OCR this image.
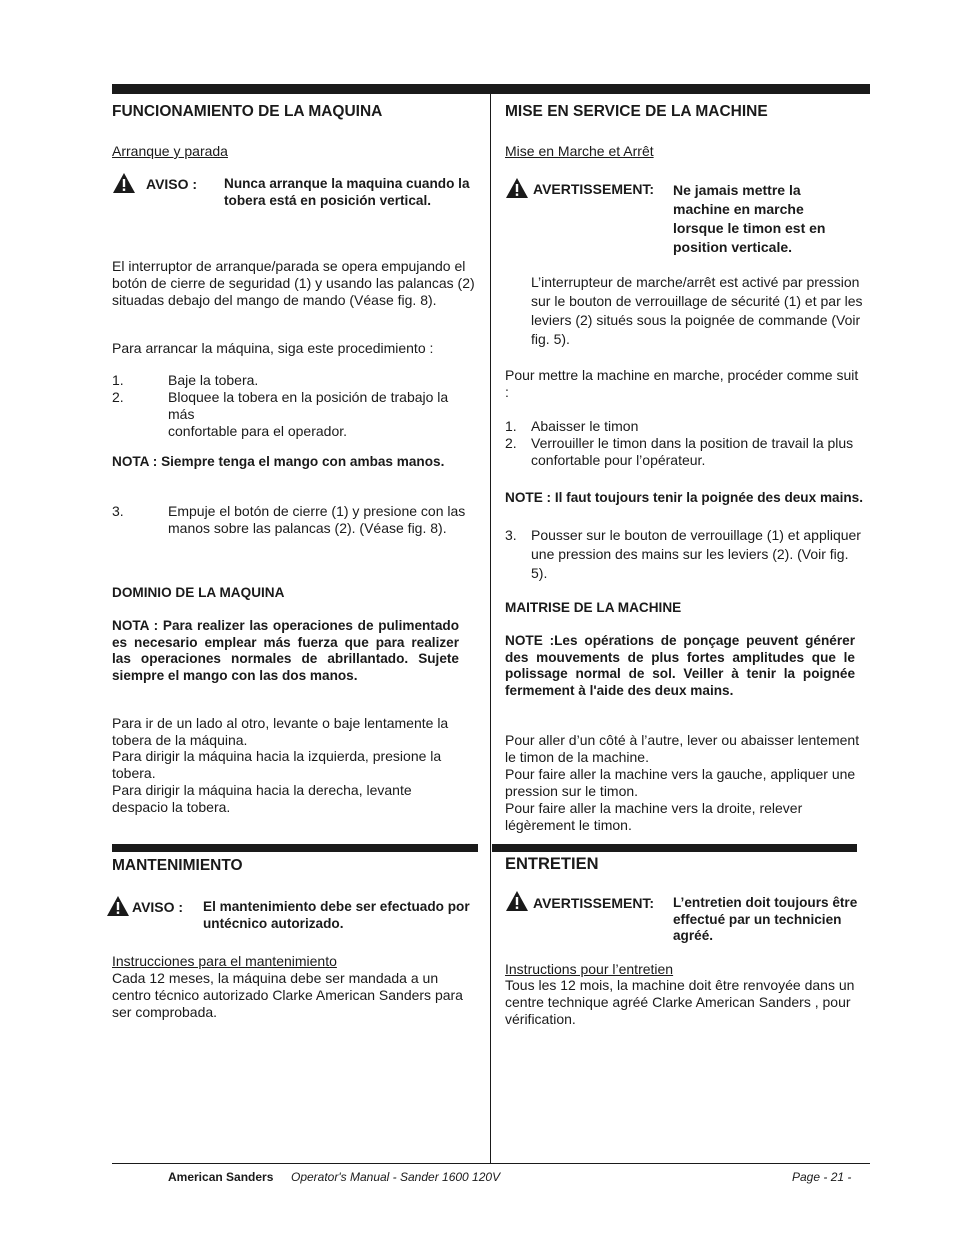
FUNCIONAMIENTO DE LA MAQUINA
Arranque y parada
AVISO : Nunca arranque la maquina cuando la tobera está en posición vertical.
El interruptor de arranque/parada se opera empujando el botón de cierre de seguridad (1) y usando las palancas (2) situadas debajo del mango de mando (Véase fig. 8).
Para arrancar la máquina, siga este procedimiento :
1.	Baje la tobera.
2.	Bloquee la tobera en la posición de trabajo la más
confortable para el operador.
NOTA : Siempre tenga el mango con ambas manos.
3.	Empuje el botón de cierre (1) y presione con las manos sobre las palancas (2). (Véase fig. 8).
DOMINIO DE LA MAQUINA
NOTA : Para realizer las operaciones de pulimentado es necesario emplear más fuerza que para realizer las operaciones normales de abrillantado. Sujete siempre el mango con las dos manos.
Para ir de un lado al otro, levante o baje lentamente la tobera de la máquina.
Para dirigir la máquina hacia la izquierda, presione la tobera.
Para dirigir la máquina hacia la derecha, levante despacio la tobera.
MANTENIMIENTO
AVISO : El mantenimiento debe ser efectuado por untécnico autorizado.
Instrucciones para el mantenimiento
Cada 12 meses, la máquina debe ser mandada a un centro técnico autorizado Clarke American Sanders para ser comprobada.
MISE EN SERVICE DE LA MACHINE
Mise en Marche et Arrêt
AVERTISSEMENT: Ne jamais mettre la machine en marche lorsque le timon est en position verticale.
L’interrupteur de marche/arrêt est activé par pression sur le bouton de verrouillage de sécurité (1) et par les leviers (2) situés sous la poignée de commande (Voir fig. 5).
Pour mettre la machine en marche, procéder comme suit :
1. Abaisser le timon
2. Verrouiller le timon dans la position de travail la plus confortable pour l’opérateur.
NOTE : Il faut toujours tenir la poignée des deux mains.
3. Pousser sur le bouton de verrouillage (1) et appliquer une pression des mains sur les leviers (2). (Voir fig. 5).
MAITRISE DE LA MACHINE
NOTE :Les opérations de ponçage peuvent générer des mouvements de plus fortes amplitudes que le polissage normal de sol. Veiller à tenir la poignée fermement à l'aide des deux mains.
Pour aller d’un côté à l’autre, lever ou abaisser lentement le timon de la machine.
Pour faire aller la machine vers la gauche, appliquer une pression sur le timon.
Pour faire aller la machine vers la droite, relever légèrement le timon.
ENTRETIEN
AVERTISSEMENT: L’entretien doit toujours être effectué par un technicien agréé.
Instructions pour l’entretien
Tous les 12 mois, la machine doit être renvoyée dans un centre technique agréé Clarke American Sanders , pour vérification.
American Sanders Operator's Manual - Sander 1600 120V	Page - 21 -
